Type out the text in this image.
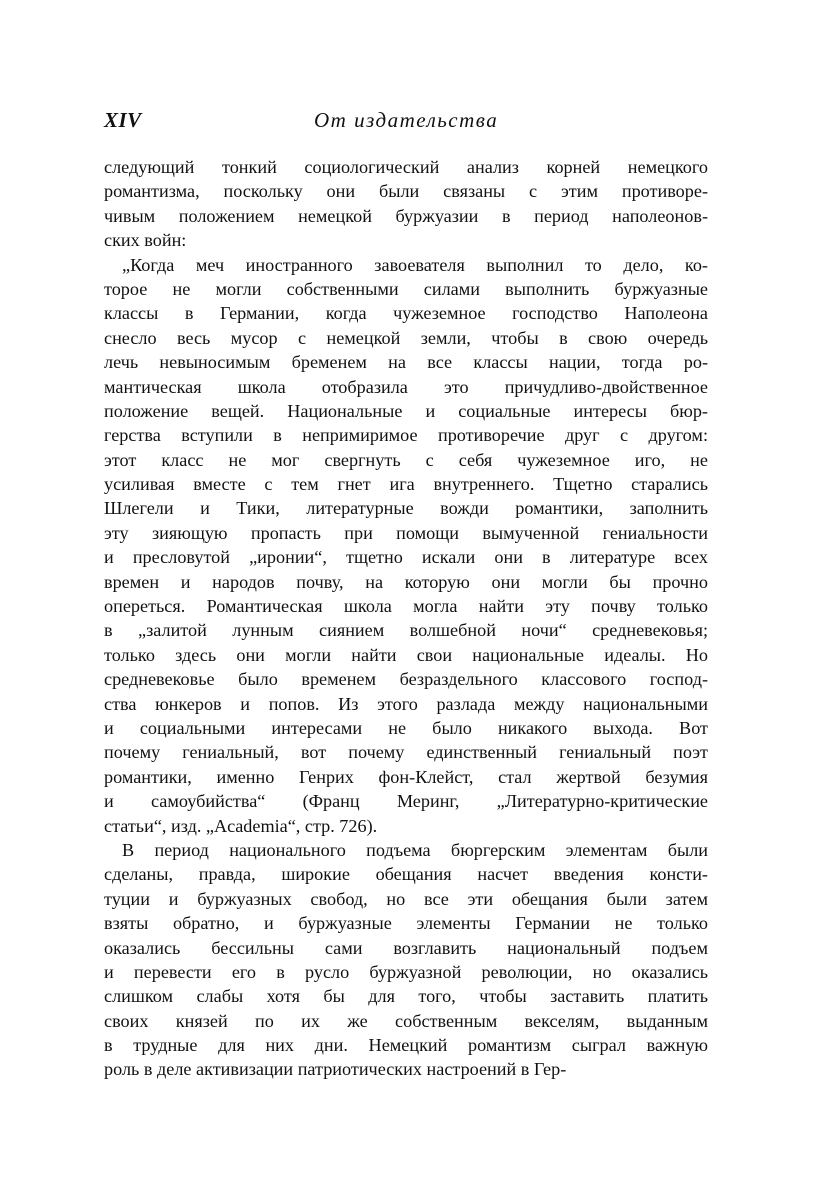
XIV	От издательства
следующий тонкий социологический анализ корней немецкого
романтизма, поскольку они были связаны с этим противоре-
чивым положением немецкой буржуазии в период наполеонов-
ских войн:
„Когда меч иностранного завоевателя выполнил то дело, ко-
торое не могли собственными силами выполнить буржуазные
классы в Германии, когда чужеземное господство Наполеона
снесло весь мусор с немецкой земли, чтобы в свою очередь
лечь невыносимым бременем на все классы нации, тогда ро-
мантическая школа отобразила это причудливо-двойственное
положение вещей. Национальные и социальные интересы бюр-
герства вступили в непримиримое противоречие друг с другом:
этот класс не мог свергнуть с себя чужеземное иго, не
усиливая вместе с тем гнет ига внутреннего. Тщетно старались
Шлегели и Тики, литературные вожди романтики, заполнить
эту зияющую пропасть при помощи вымученной гениальности
и пресловутой „иронии“, тщетно искали они в литературе всех
времен и народов почву, на которую они могли бы прочно
опереться. Романтическая школа могла найти эту почву только
в „залитой лунным сиянием волшебной ночи“ средневековья;
только здесь они могли найти свои национальные идеалы. Но
средневековье было временем безраздельного классового господ-
ства юнкеров и попов. Из этого разлада между национальными
и социальными интересами не было никакого выхода. Вот
почему гениальный, вот почему единственный гениальный поэт
романтики, именно Генрих фон-Клейст, стал жертвой безумия
и самоубийства“ (Франц Меринг, „Литературно-критические
статьи“, изд. „Academia“, стр. 726).
В период национального подъема бюргерским элементам были
сделаны, правда, широкие обещания насчет введения консти-
туции и буржуазных свобод, но все эти обещания были затем
взяты обратно, и буржуазные элементы Германии не только
оказались бессильны сами возглавить национальный подъем
и перевести его в русло буржуазной революции, но оказались
слишком слабы хотя бы для того, чтобы заставить платить
своих князей по их же собственным векселям, выданным
в трудные для них дни. Немецкий романтизм сыграл важную
роль в деле активизации патриотических настроений в Гер-
